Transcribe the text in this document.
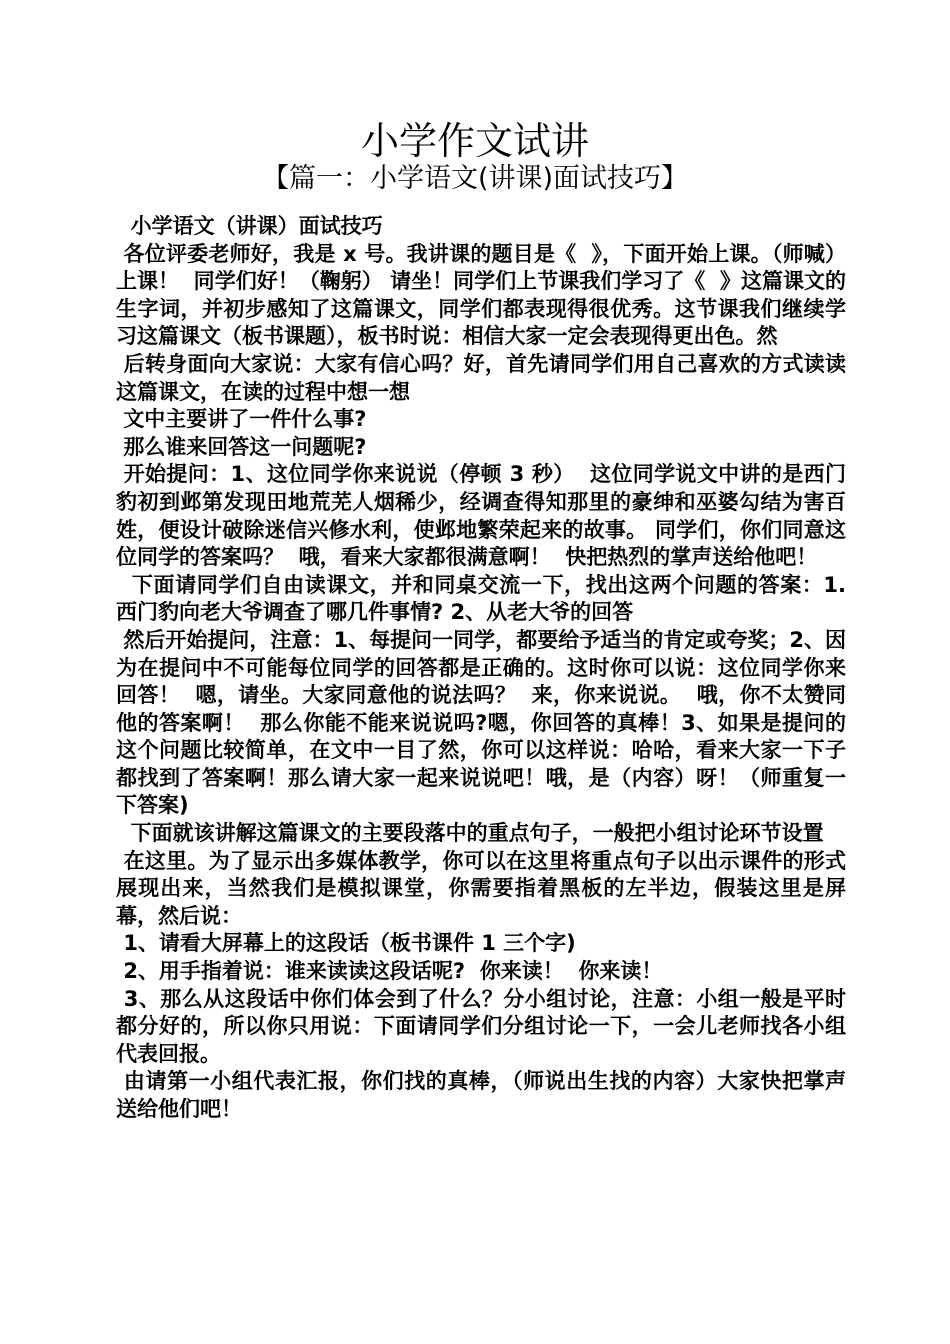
小学作文试讲
【篇一：小学语文(讲课)面试技巧】

小学语文（讲课）面试技巧

各位评委老师好，我是 x 号。我讲课的题目是《  》，下面开始上课。（师喊）上课！  同学们好！（鞠躬） 请坐！同学们上节课我们学习了《  》这篇课文的生字词，并初步感知了这篇课文，同学们都表现得很优秀。这节课我们继续学习这篇课文（板书课题），板书时说：相信大家一定会表现得更出色。然

后转身面向大家说：大家有信心吗？好，首先请同学们用自己喜欢的方式读读这篇课文，在读的过程中想一想

文中主要讲了一件什么事?

那么谁来回答这一问题呢?

开始提问：1、这位同学你来说说（停顿 3 秒）  这位同学说文中讲的是西门豹初到邺第发现田地荒芜人烟稀少，经调查得知那里的豪绅和巫婆勾结为害百姓，便设计破除迷信兴修水利，使邺地繁荣起来的故事。 同学们，你们同意这位同学的答案吗？  哦，看来大家都很满意啊！  快把热烈的掌声送给他吧！

下面请同学们自由读课文，并和同桌交流一下，找出这两个问题的答案：1.西门豹向老大爷调查了哪几件事情? 2、从老大爷的回答

然后开始提问，注意：1、每提问一同学，都要给予适当的肯定或夸奖；2、因为在提问中不可能每位同学的回答都是正确的。这时你可以说：这位同学你来回答！  嗯，请坐。大家同意他的说法吗？  来，你来说说。  哦，你不太赞同他的答案啊！  那么你能不能来说说吗?嗯，你回答的真棒！3、如果是提问的这个问题比较简单，在文中一目了然，你可以这样说：哈哈，看来大家一下子都找到了答案啊！那么请大家一起来说说吧！哦，是（内容）呀！（师重复一下答案)

下面就该讲解这篇课文的主要段落中的重点句子，一般把小组讨论环节设置

在这里。为了显示出多媒体教学，你可以在这里将重点句子以出示课件的形式展现出来，当然我们是模拟课堂，你需要指着黑板的左半边，假装这里是屏幕，然后说：

1、请看大屏幕上的这段话（板书课件 1 三个字)

2、用手指着说：谁来读读这段话呢?  你来读！  你来读！

3、那么从这段话中你们体会到了什么？分小组讨论，注意：小组一般是平时都分好的，所以你只用说：下面请同学们分组讨论一下，一会儿老师找各小组代表回报。

由请第一小组代表汇报，你们找的真棒，（师说出生找的内容）大家快把掌声送给他们吧！
